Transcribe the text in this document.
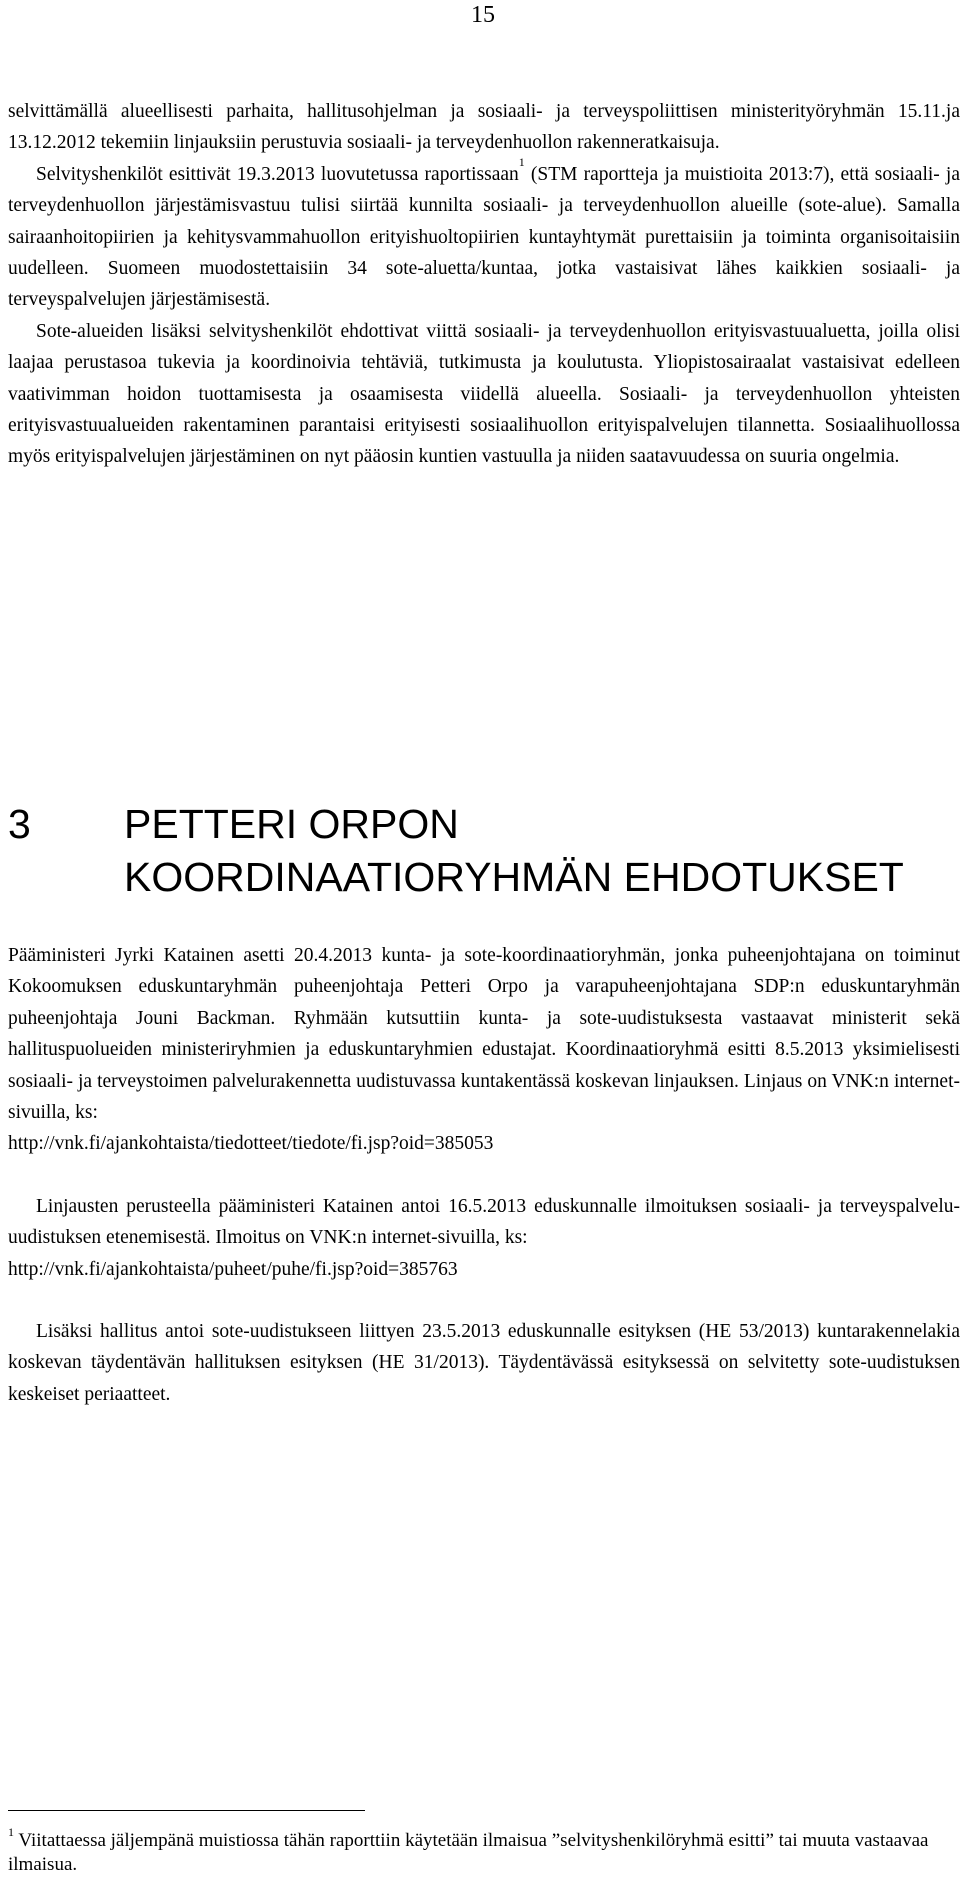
15

selvittämällä alueellisesti parhaita, hallitusohjelman ja sosiaali- ja terveyspoliittisen ministerityöryhmän 15.11.ja 13.12.2012 tekemiin linjauksiin perustuvia sosiaali- ja terveydenhuollon rakenneratkaisuja.

Selvityshenkilöt esittivät 19.3.2013 luovutetussa raportissaan$^1$ (STM raportteja ja muistioita 2013:7), että sosiaali- ja terveydenhuollon järjestämisvastuu tulisi siirtää kunnilta sosiaali- ja terveydenhuollon alueille (sote-alue). Samalla sairaanhoitopiirien ja kehitysvammahuollon erityishuoltopiirien kuntayhtymät purettaisiin ja toiminta organisoitaisiin uudelleen. Suomeen muodostettaisiin 34 sote-aluetta/kuntaa, jotka vastaisivat lähes kaikkien sosiaali- ja terveyspalvelujen järjestämisestä.

Sote-alueiden lisäksi selvityshenkilöt ehdottivat viittä sosiaali- ja terveydenhuollon erityisvastuualuetta, joilla olisi laajaa perustasoa tukevia ja koordinoivia tehtäviä, tutkimusta ja koulutusta. Yliopistosairaalat vastaisivat edelleen vaativimman hoidon tuottamisesta ja osaamisesta viidellä alueella. Sosiaali- ja terveydenhuollon yhteisten erityisvastuualueiden rakentaminen parantaisi erityisesti sosiaalihuollon erityispalvelujen tilannetta. Sosiaalihuollossa myös erityispalvelujen järjestäminen on nyt pääosin kuntien vastuulla ja niiden saatavuudessa on suuria ongelmia.

3 PETTERI ORPON KOORDINAATIORYHMÄN EHDOTUKSET

Pääministeri Jyrki Katainen asetti 20.4.2013 kunta- ja sote-koordinaatioryhmän, jonka puheenjohtajana on toiminut Kokoomuksen eduskuntaryhmän puheenjohtaja Petteri Orpo ja varapuheenjohtajana SDP:n eduskuntaryhmän puheenjohtaja Jouni Backman. Ryhmään kutsuttiin kunta- ja sote-uudistuksesta vastaavat ministerit sekä hallituspuolueiden ministeriryhmien ja eduskuntaryhmien edustajat. Koordinaatioryhmä esitti 8.5.2013 yksimielisesti sosiaali- ja terveystoimen palvelurakennetta uudistuvassa kuntakentässä koskevan linjauksen. Linjaus on VNK:n internet-sivuilla, ks:

http://vnk.fi/ajankohtaista/tiedotteet/tiedote/fi.jsp?oid=385053

Linjausten perusteella pääministeri Katainen antoi 16.5.2013 eduskunnalle ilmoituksen sosiaali- ja terveyspalvelu-uudistuksen etenemisestä. Ilmoitus on VNK:n internet-sivuilla, ks:

http://vnk.fi/ajankohtaista/puheet/puhe/fi.jsp?oid=385763

Lisäksi hallitus antoi sote-uudistukseen liittyen 23.5.2013 eduskunnalle esityksen (HE 53/2013) kuntarakennelakia koskevan täydentävän hallituksen esityksen (HE 31/2013). Täydentävässä esityksessä on selvitetty sote-uudistuksen keskeiset periaatteet.

$^1$ Viitattaessa jäljempänä muistiossa tähän raporttiin käytetään ilmaisua ”selvityshenkilöryhmä esitti” tai muuta vastaavaa ilmaisua.
